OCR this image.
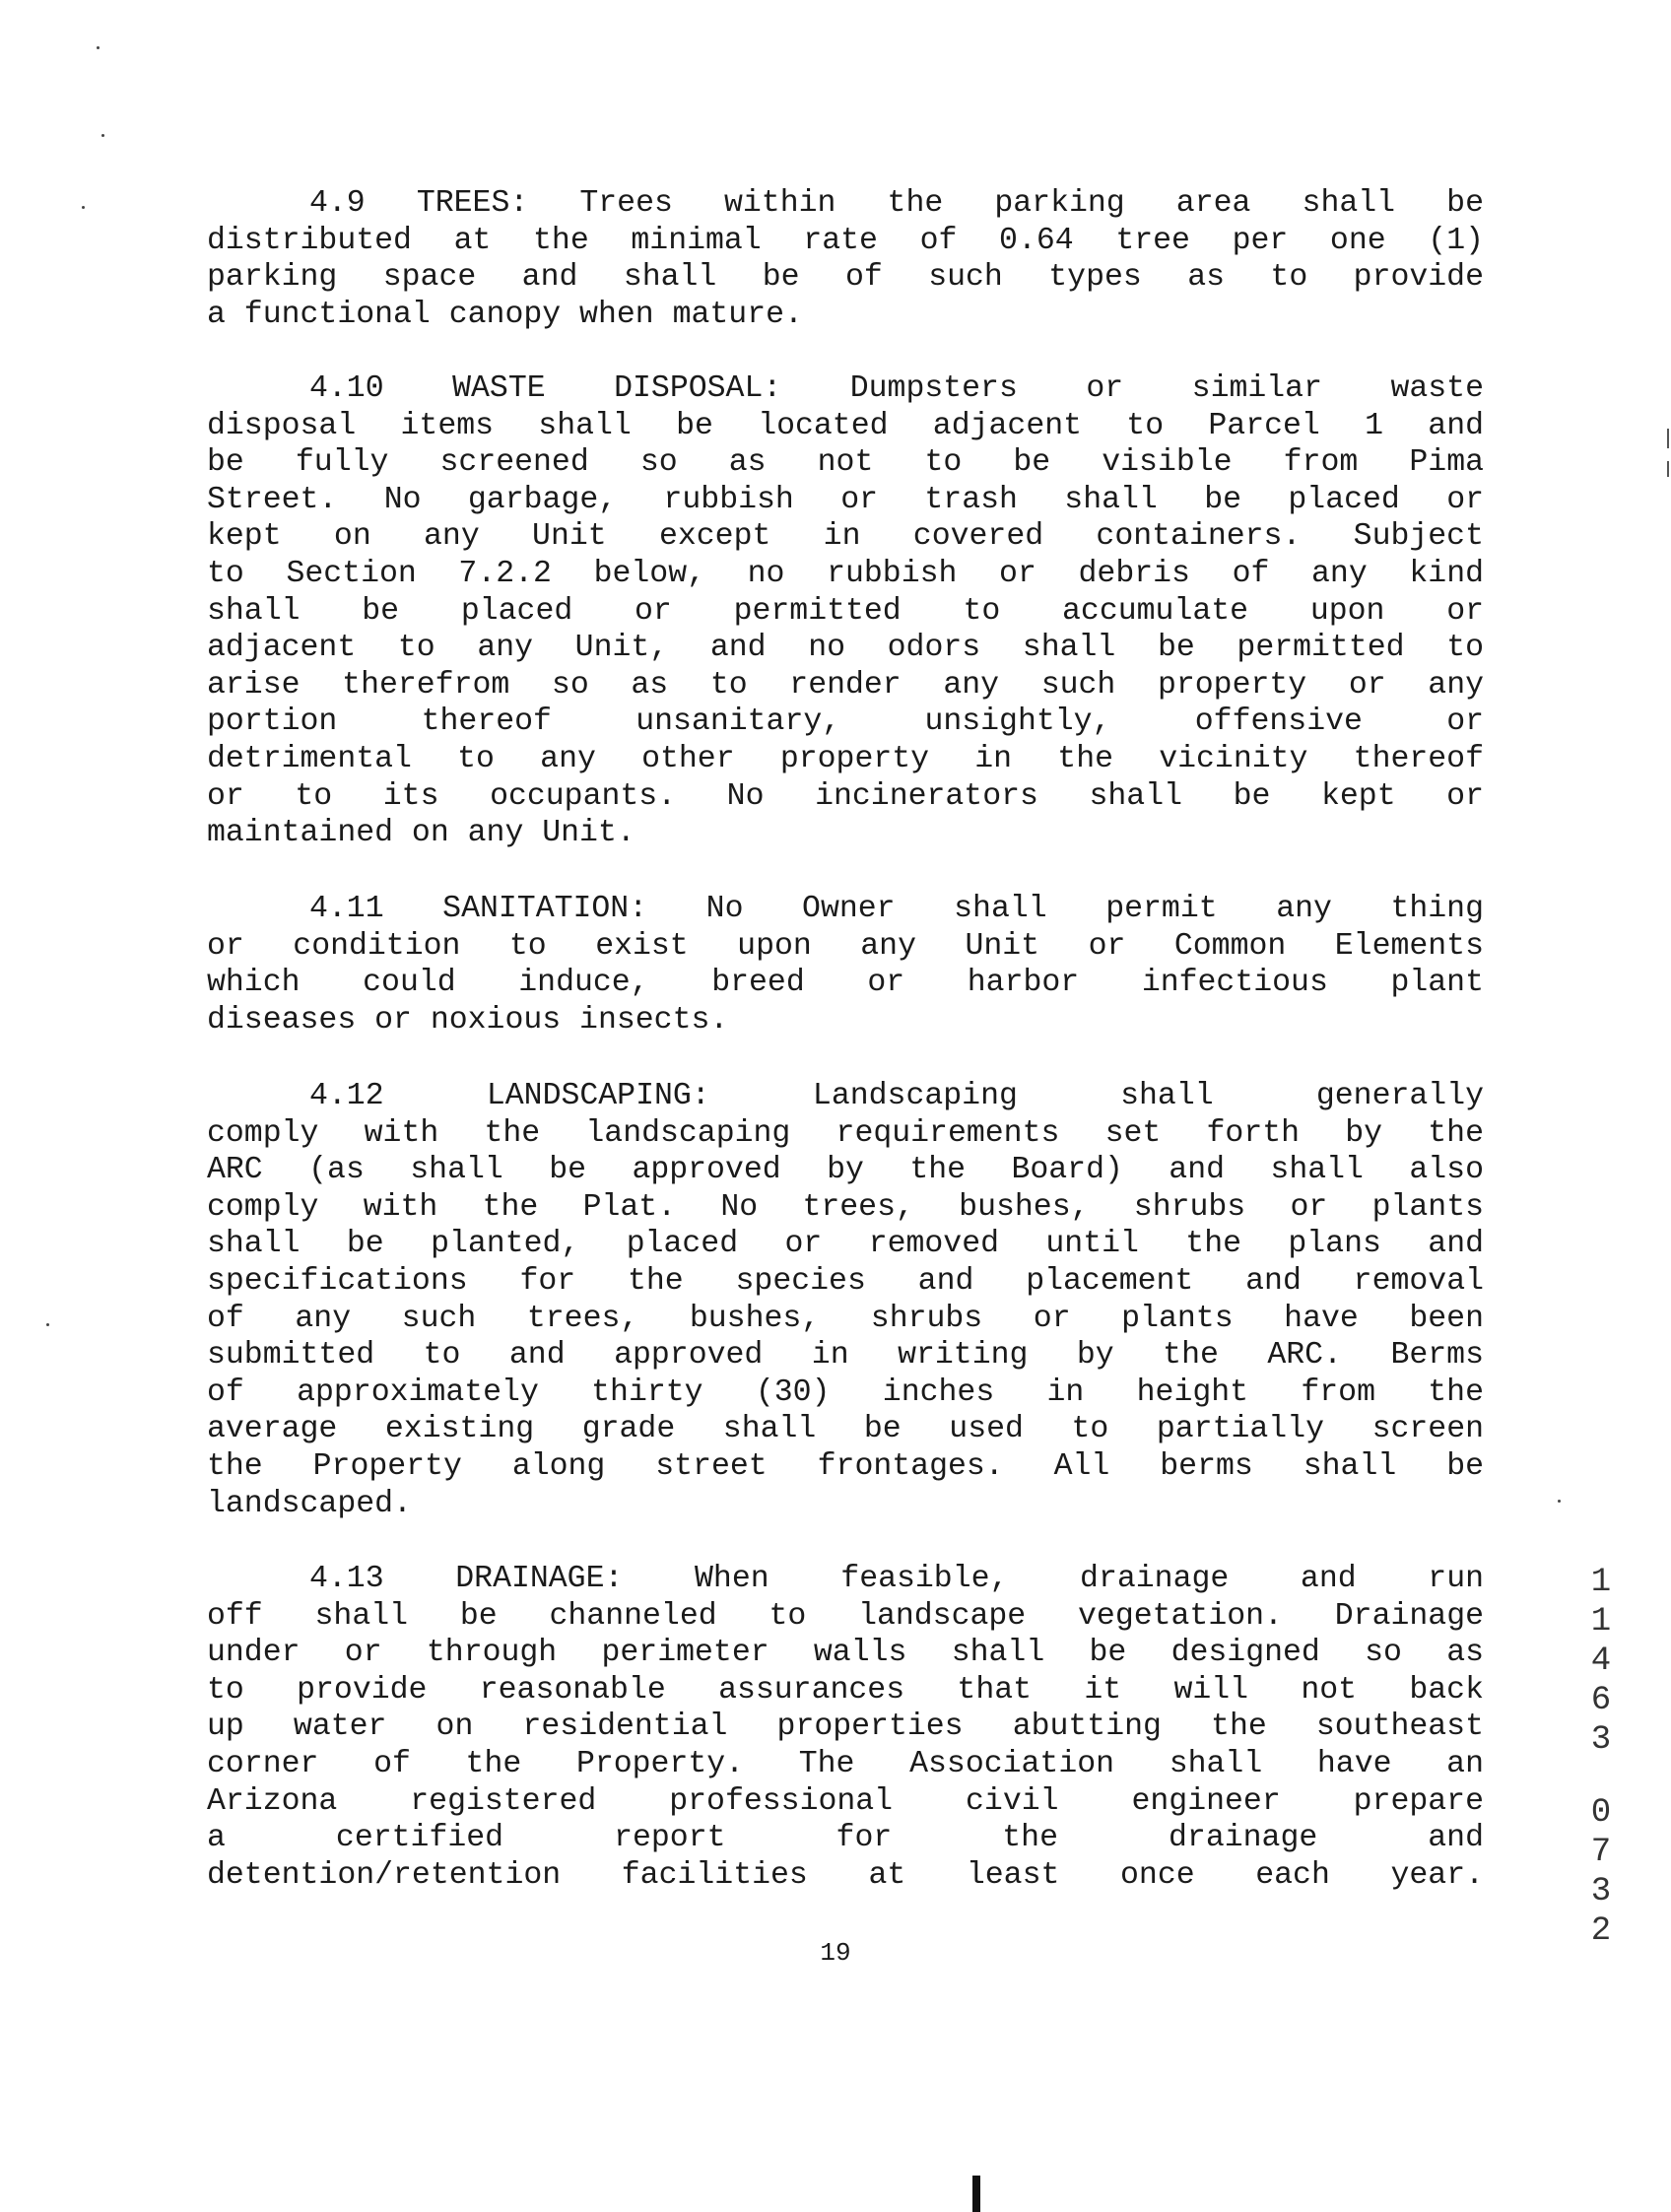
4.9 TREES: Trees within the parking area shall be
distributed at the minimal rate of 0.64 tree per one (1)
parking space and shall be of such types as to provide
a functional canopy when mature.
4.10 WASTE DISPOSAL: Dumpsters or similar waste
disposal items shall be located adjacent to Parcel 1 and
be fully screened so as not to be visible from Pima
Street. No garbage, rubbish or trash shall be placed or
kept on any Unit except in covered containers. Subject
to Section 7.2.2 below, no rubbish or debris of any kind
shall be placed or permitted to accumulate upon or
adjacent to any Unit, and no odors shall be permitted to
arise therefrom so as to render any such property or any
portion thereof unsanitary, unsightly, offensive or
detrimental to any other property in the vicinity thereof
or to its occupants. No incinerators shall be kept or
maintained on any Unit.
4.11 SANITATION: No Owner shall permit any thing
or condition to exist upon any Unit or Common Elements
which could induce, breed or harbor infectious plant
diseases or noxious insects.
4.12 LANDSCAPING: Landscaping shall generally
comply with the landscaping requirements set forth by the
ARC (as shall be approved by the Board) and shall also
comply with the Plat. No trees, bushes, shrubs or plants
shall be planted, placed or removed until the plans and
specifications for the species and placement and removal
of any such trees, bushes, shrubs or plants have been
submitted to and approved in writing by the ARC. Berms
of approximately thirty (30) inches in height from the
average existing grade shall be used to partially screen
the Property along street frontages. All berms shall be
landscaped.
4.13 DRAINAGE: When feasible, drainage and run
off shall be channeled to landscape vegetation. Drainage
under or through perimeter walls shall be designed so as
to provide reasonable assurances that it will not back
up water on residential properties abutting the southeast
corner of the Property. The Association shall have an
Arizona registered professional civil engineer prepare
a certified report for the drainage and
detention/retention facilities at least once each year.
19
1
1
4
6
3
0
7
3
2
